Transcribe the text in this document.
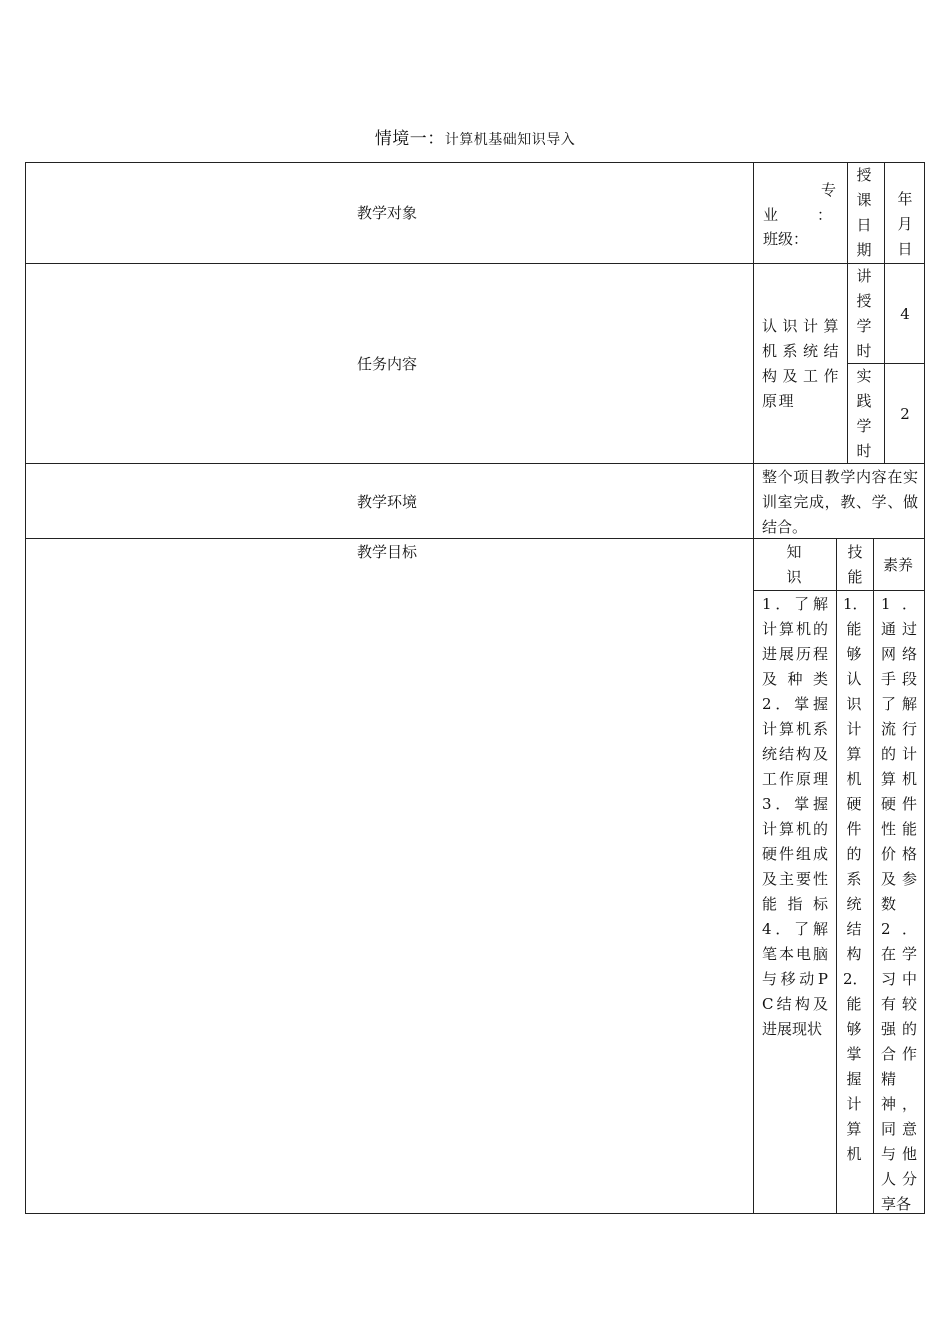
情境一：计算机基础知识导入
教学对象
专
业	：
班级：
授课日期
年月日
任务内容
认识计算机系统结构及工作原理
讲授学时
4
实践学时
2
教学环境
整个项目教学内容在实训室完成，教、学、做结合。
教学目标	知识
技能
素养
1．了解计算机的进展历程及种类 2．掌握计算机系统结构及工作原理 3．掌握计算机的硬件组成及主要性能指标 4．了解笔本电脑与移动PC结构及进展现状
1．能够认识计算机硬件的系统结构 2．能够掌握计算机
1．通过网络手段了解流行的计算机硬件性能价格及参数 2．在学习中有较强的合作精神，同意与他人分享各
